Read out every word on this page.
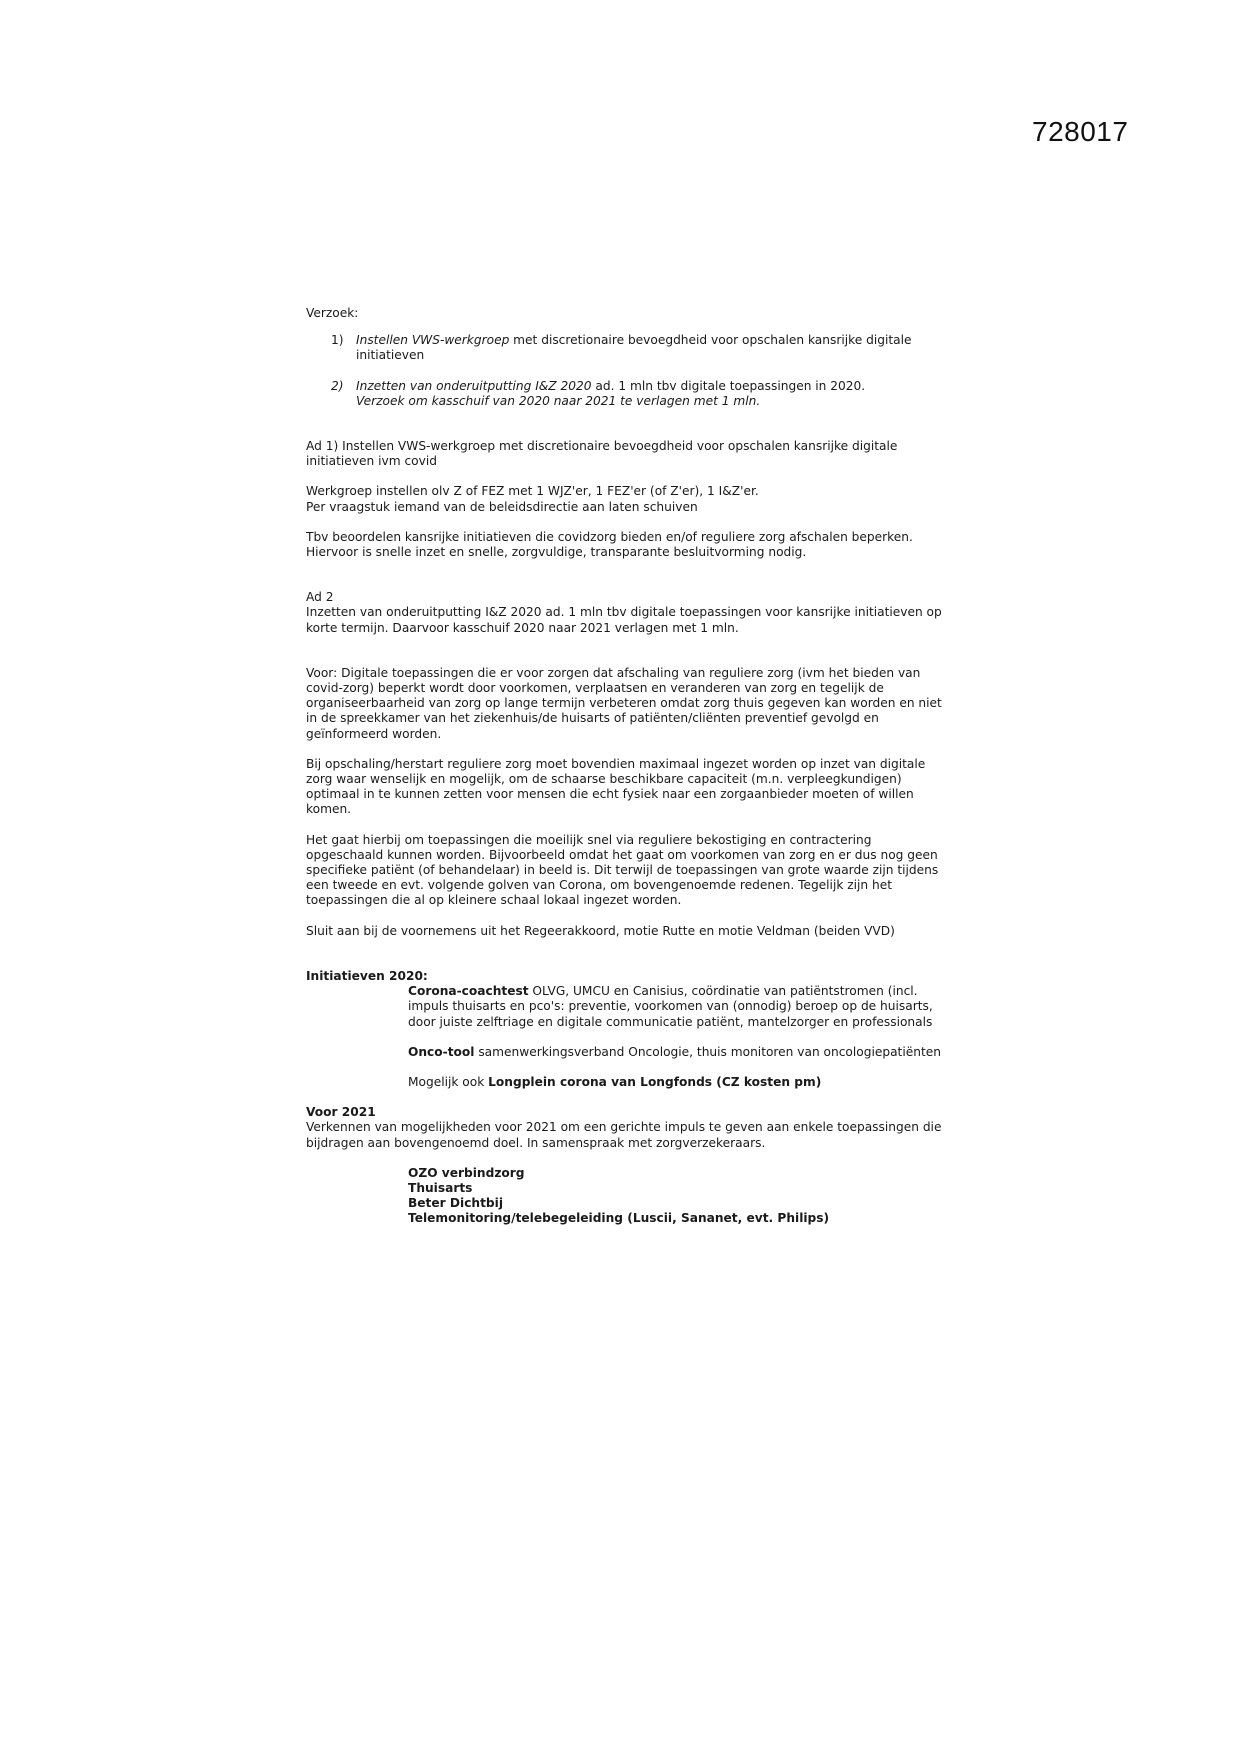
728017

Verzoek:

1)	Instellen VWS-werkgroep met discretionaire bevoegdheid voor opschalen kansrijke digitale initiatieven
2)	Inzetten van onderuitputting I&Z 2020 ad. 1 mln tbv digitale toepassingen in 2020.
Verzoek om kasschuif van 2020 naar 2021 te verlagen met 1 mln.

Ad 1) Instellen VWS-werkgroep met discretionaire bevoegdheid voor opschalen kansrijke digitale initiatieven ivm covid

Werkgroep instellen olv Z of FEZ met 1 WJZ'er, 1 FEZ'er (of Z'er), 1 I&Z'er.
Per vraagstuk iemand van de beleidsdirectie aan laten schuiven

Tbv beoordelen kansrijke initiatieven die covidzorg bieden en/of reguliere zorg afschalen beperken.
Hiervoor is snelle inzet en snelle, zorgvuldige, transparante besluitvorming nodig.

Ad 2

Inzetten van onderuitputting I&Z 2020 ad. 1 mln tbv digitale toepassingen voor kansrijke initiatieven op korte termijn. Daarvoor kasschuif 2020 naar 2021 verlagen met 1 mln.

Voor: Digitale toepassingen die er voor zorgen dat afschaling van reguliere zorg (ivm het bieden van covid-zorg) beperkt wordt door voorkomen, verplaatsen en veranderen van zorg en tegelijk de organiseerbaarheid van zorg op lange termijn verbeteren omdat zorg thuis gegeven kan worden en niet in de spreekkamer van het ziekenhuis/de huisarts of patiënten/cliënten preventief gevolgd en geïnformeerd worden.

Bij opschaling/herstart reguliere zorg moet bovendien maximaal ingezet worden op inzet van digitale zorg waar wenselijk en mogelijk, om de schaarse beschikbare capaciteit (m.n. verpleegkundigen) optimaal in te kunnen zetten voor mensen die echt fysiek naar een zorgaanbieder moeten of willen komen.

Het gaat hierbij om toepassingen die moeilijk snel via reguliere bekostiging en contractering opgeschaald kunnen worden. Bijvoorbeeld omdat het gaat om voorkomen van zorg en er dus nog geen specifieke patiënt (of behandelaar) in beeld is. Dit terwijl de toepassingen van grote waarde zijn tijdens een tweede en evt. volgende golven van Corona, om bovengenoemde redenen. Tegelijk zijn het toepassingen die al op kleinere schaal lokaal ingezet worden.

Sluit aan bij de voornemens uit het Regeerakkoord, motie Rutte en motie Veldman (beiden VVD)

Initiatieven 2020:

Corona-coachtest OLVG, UMCU en Canisius, coördinatie van patiëntstromen (incl. impuls thuisarts en pco's: preventie, voorkomen van (onnodig) beroep op de huisarts, door juiste zelftriage en digitale communicatie patiënt, mantelzorger en professionals

Onco-tool samenwerkingsverband Oncologie, thuis monitoren van oncologiepatiënten

Mogelijk ook Longplein corona van Longfonds (CZ kosten pm)

Voor 2021

Verkennen van mogelijkheden voor 2021 om een gerichte impuls te geven aan enkele toepassingen die bijdragen aan bovengenoemd doel. In samenspraak met zorgverzekeraars.

OZO verbindzorg

Thuisarts

Beter Dichtbij

Telemonitoring/telebegeleiding (Luscii, Sananet, evt. Philips)
